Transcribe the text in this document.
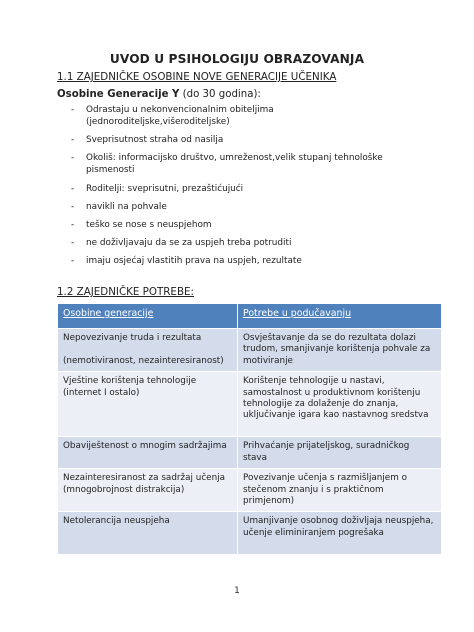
UVOD U PSIHOLOGIJU OBRAZOVANJA
1.1 ZAJEDNIČKE OSOBINE NOVE GENERACIJE UČENIKA
Osobine Generacije Y (do 30 godina):
- Odrastaju u nekonvencionalnim obiteljima (jednoroditeljske,višeroditeljske)
- Sveprisutnost straha od nasilja
- Okoliš: informacijsko društvo, umreženost,velik stupanj tehnološke pismenosti
- Roditelji: sveprisutni, prezaštićujući
- navikli na pohvale
- teško se nose s neuspjehom
- ne doživljavaju da se za uspjeh treba potruditi
- imaju osjećaj vlastitih prava na uspjeh, rezultate
1.2 ZAJEDNIČKE POTREBE:
Osobine generacije	Potrebe u podučavanju
Nepovezivanje truda i rezultata

(nemotiviranost, nezainteresiranost)	Osvještavanje da se do rezultata dolazi trudom, smanjivanje korištenja pohvale za motiviranje
Vještine korištenja tehnologije (internet I ostalo)	Korištenje tehnologije u nastavi, samostalnost u produktivnom korištenju tehnologije za dolaženje do znanja, uključivanje igara kao nastavnog sredstva
Obaviještenost o mnogim sadržajima	Prihvaćanje prijateljskog, suradničkog stava
Nezainteresiranost za sadržaj učenja (mnogobrojnost distrakcija)	Povezivanje učenja s razmišljanjem o stečenom znanju i s praktičnom primjenom)
Netolerancija neuspjeha	Umanjivanje osobnog doživljaja neuspjeha, učenje eliminiranjem pogrešaka
1
